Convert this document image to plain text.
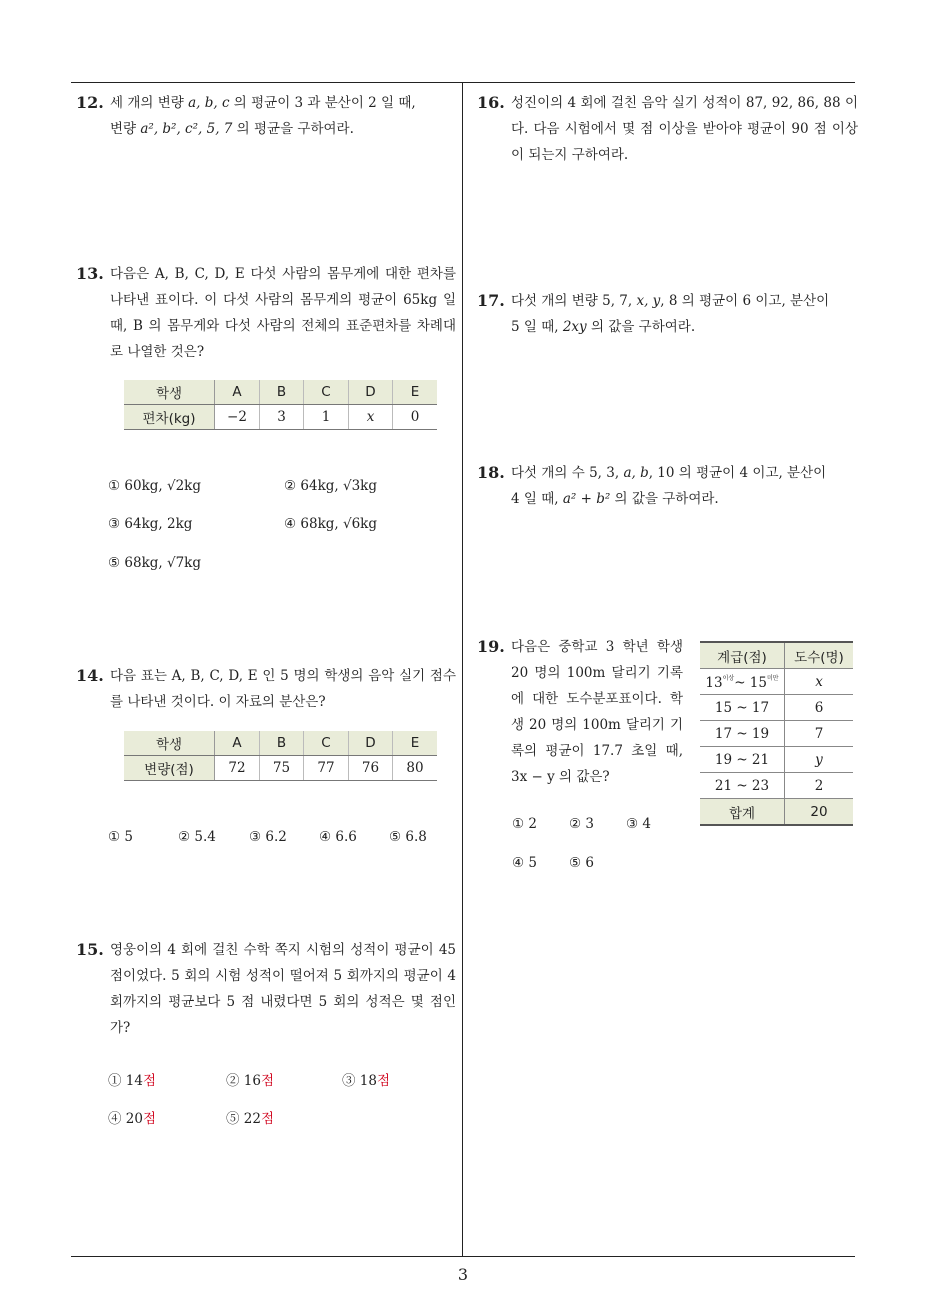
12. 세 개의 변량 a, b, c 의 평균이 3 과 분산이 2 일 때,
변량 a², b², c², 5, 7 의 평균을 구하여라.
13. 다음은 A, B, C, D, E 다섯 사람의 몸무게에 대한 편차를 나타낸 표이다. 이 다섯 사람의 몸무게의 평균이 65kg 일 때, B 의 몸무게와 다섯 사람의 전체의 표준편차를 차례대로 나열한 것은?
학생	A	B	C	D	E
편차(kg)	−2	3	1	x	0
① 60kg, √2kg	② 64kg, √3kg
③ 64kg, 2kg	④ 68kg, √6kg
⑤ 68kg, √7kg
14. 다음 표는 A, B, C, D, E 인 5 명의 학생의 음악 실기 점수를 나타낸 것이다. 이 자료의 분산은?
학생	A	B	C	D	E
변량(점)	72	75	77	76	80
① 5	② 5.4 ③ 6.2 ④ 6.6 ⑤ 6.8
15. 영웅이의 4 회에 걸친 수학 쪽지 시험의 성적이 평균이 45 점이었다. 5 회의 시험 성적이 떨어져 5 회까지의 평균이 4 회까지의 평균보다 5 점 내렸다면 5 회의 성적은 몇 점인가?
① 14점	② 16점	③ 18점
④ 20점	⑤ 22점
16. 성진이의 4 회에 걸친 음악 실기 성적이 87, 92, 86, 88 이다. 다음 시험에서 몇 점 이상을 받아야 평균이 90 점 이상이 되는지 구하여라.
17. 다섯 개의 변량 5, 7, x, y, 8 의 평균이 6 이고, 분산이
5 일 때, 2xy 의 값을 구하여라.
18. 다섯 개의 수 5, 3, a, b, 10 의 평균이 4 이고, 분산이
4 일 때, a² + b² 의 값을 구하여라.
19. 다음은 중학교 3 학년 학생 20 명의 100m 달리기 기록에 대한 도수분포표이다. 학생 20 명의 100m 달리기 기록의 평균이 17.7 초일 때, 3x − y 의 값은?
계급(점)	도수(명)
$13^{이상}\sim$ $15^{미만}$	x
15 ~ 17	6
17 ~ 19	7
19 ~ 21	y
21 ~ 23	2
합계	20
① 2 ② 3 ③ 4
④ 5 ⑤ 6
3
